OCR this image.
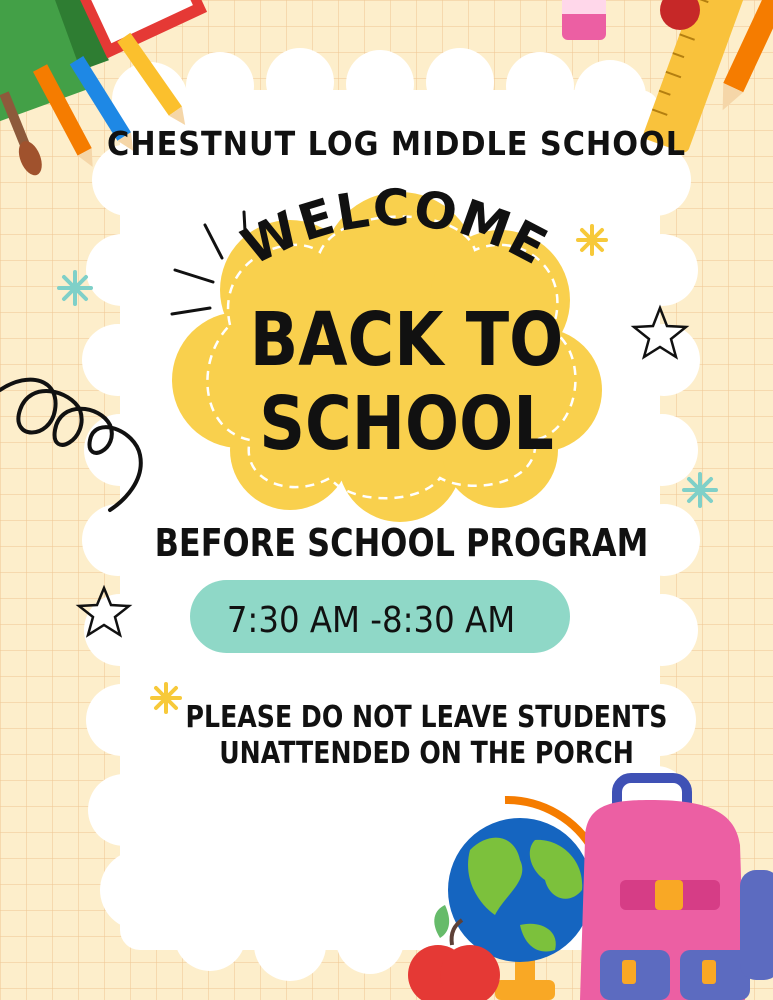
WELCOME
CHESTNUT LOG MIDDLE SCHOOL
BACK TO
SCHOOL
BEFORE SCHOOL PROGRAM
7:30 AM -8:30 AM
PLEASE DO NOT LEAVE STUDENTS
UNATTENDED ON THE PORCH
